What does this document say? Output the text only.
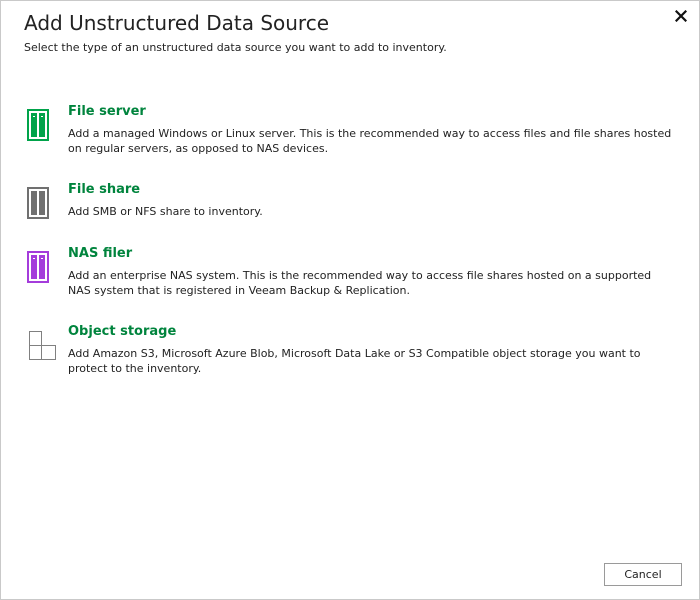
Add Unstructured Data Source
Select the type of an unstructured data source you want to add to inventory.
File server
Add a managed Windows or Linux server. This is the recommended way to access files and file shares hosted on regular servers, as opposed to NAS devices.
File share
Add SMB or NFS share to inventory.
NAS filer
Add an enterprise NAS system. This is the recommended way to access file shares hosted on a supported NAS system that is registered in Veeam Backup & Replication.
Object storage
Add Amazon S3, Microsoft Azure Blob, Microsoft Data Lake or S3 Compatible object storage you want to protect to the inventory.
Cancel
